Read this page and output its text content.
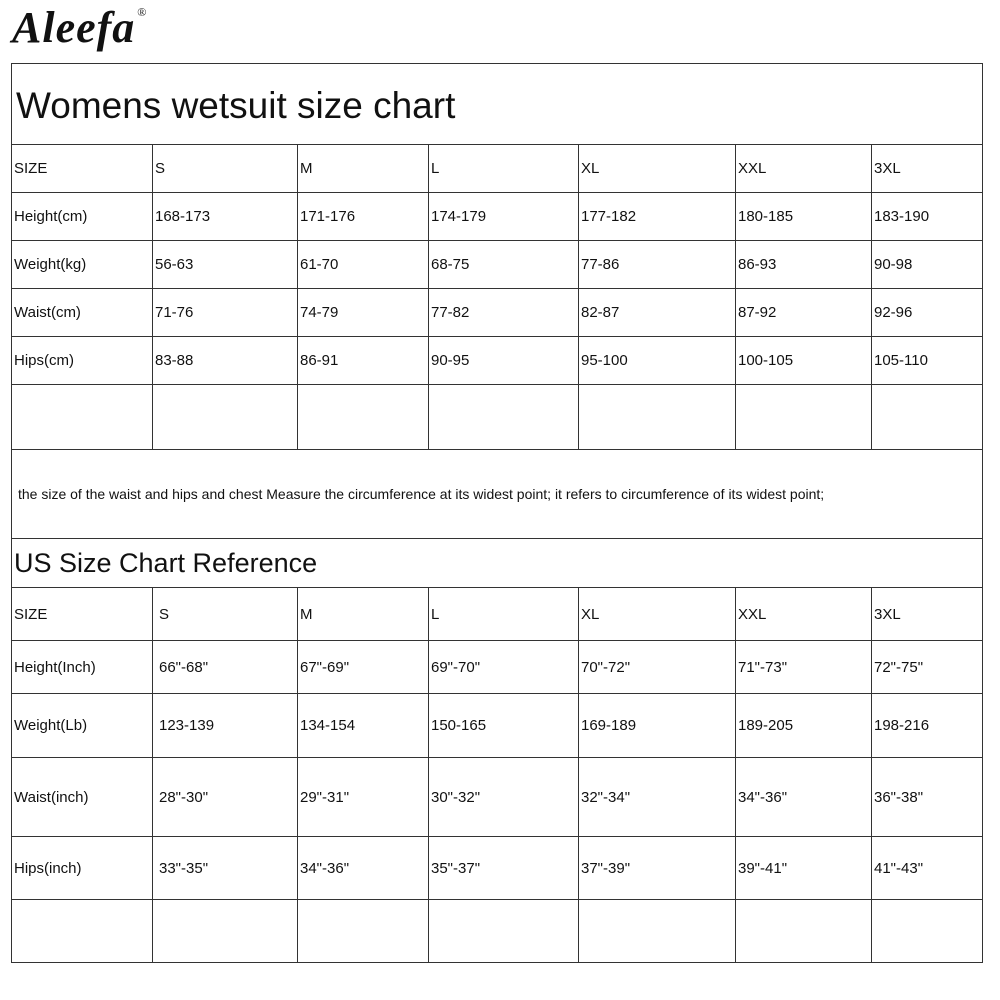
Aleefa ®
Womens wetsuit size chart						
SIZE	S	M	L	XL	XXL	3XL
Height(cm)	168-173	171-176	174-179	177-182	180-185	183-190
Weight(kg)	56-63	61-70	68-75	77-86	86-93	90-98
Waist(cm)	71-76	74-79	77-82	82-87	87-92	92-96
Hips(cm)	83-88	86-91	90-95	95-100	100-105	105-110

the size of the waist and hips and chest Measure the circumference at its widest point; it refers to circumference of its widest point;						
US Size Chart Reference						
SIZE	S	M	L	XL	XXL	3XL
Height(Inch)	66"-68"	67"-69"	69"-70"	70"-72"	71"-73"	72"-75"
Weight(Lb)	123-139	134-154	150-165	169-189	189-205	198-216
Waist(inch)	28"-30"	29"-31"	30"-32"	32"-34"	34"-36"	36"-38"
Hips(inch)	33"-35"	34"-36"	35"-37"	37"-39"	39"-41"	41"-43"
